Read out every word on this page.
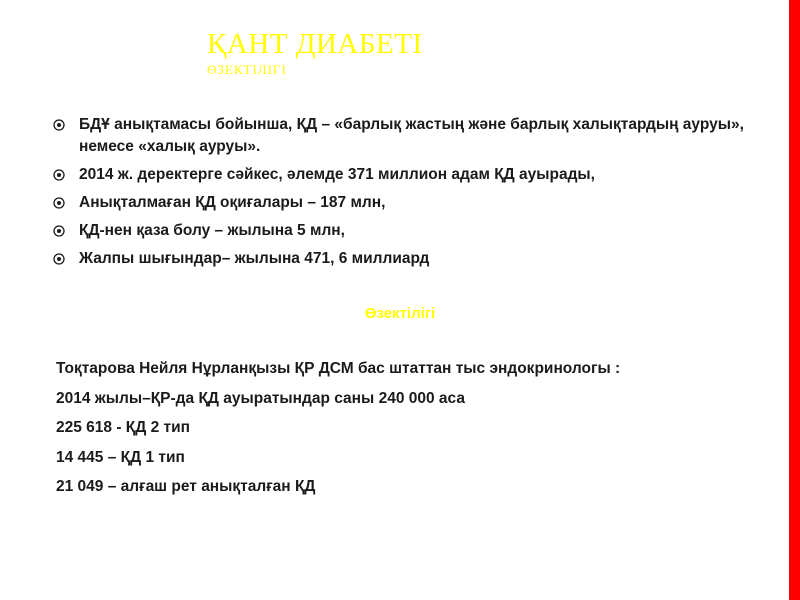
ҚАНТ ДИАБЕТІ
ӨЗЕКТІЛІГІ
БДҰ анықтамасы бойынша, ҚД – «барлық жастың және барлық халықтардың ауруы», немесе «халық ауруы».
2014 ж. деректерге сәйкес, әлемде 371 миллион адам ҚД ауырады,
Анықталмаған ҚД оқиғалары – 187 млн,
ҚД-нен қаза болу – жылына 5 млн,
Жалпы шығындар– жылына 471, 6 миллиард
Өзектілігі
Тоқтарова Нейля Нұрланқызы ҚР ДСМ бас штаттан тыс эндокринологы :
2014 жылы–ҚР-да ҚД ауыратындар саны 240 000 аса
225 618 - ҚД 2 тип
14 445 – ҚД 1 тип
21 049 – алғаш рет анықталған ҚД
